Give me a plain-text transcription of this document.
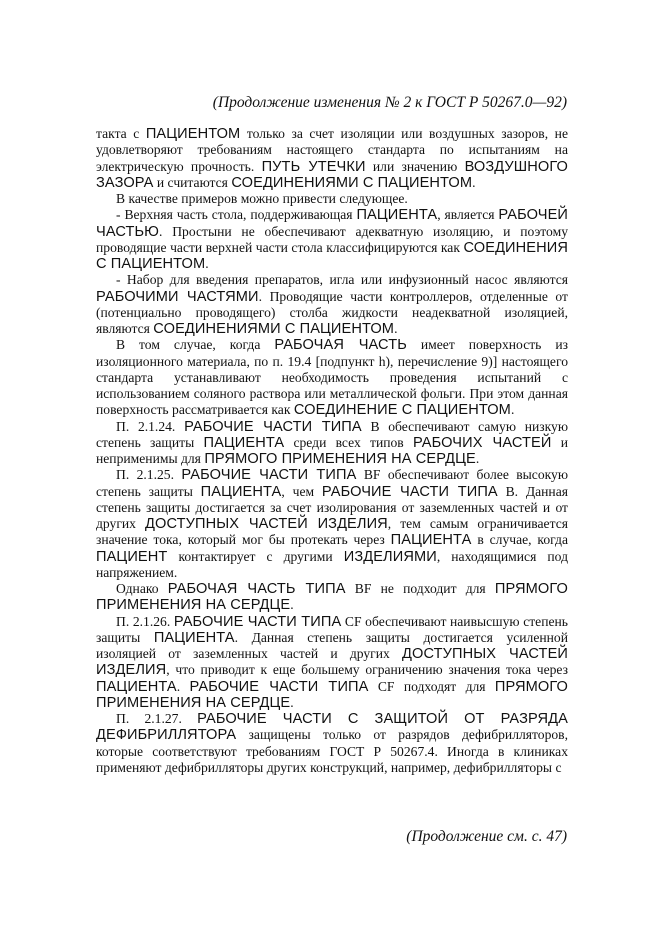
(Продолжение изменения № 2 к ГОСТ Р 50267.0—92)

такта с ПАЦИЕНТОМ только за счет изоляции или воздушных зазоров, не удовлетворяют требованиям настоящего стандарта по испытаниям на электрическую прочность. ПУТЬ УТЕЧКИ или значению ВОЗДУШНОГО ЗАЗОРА и считаются СОЕДИНЕНИЯМИ С ПАЦИЕНТОМ.

В качестве примеров можно привести следующее.

- Верхняя часть стола, поддерживающая ПАЦИЕНТА, является РАБОЧЕЙ ЧАСТЬЮ. Простыни не обеспечивают адекватную изоляцию, и поэтому проводящие части верхней части стола классифицируются как СОЕДИНЕНИЯ С ПАЦИЕНТОМ.

- Набор для введения препаратов, игла или инфузионный насос являются РАБОЧИМИ ЧАСТЯМИ. Проводящие части контроллеров, отделенные от (потенциально проводящего) столба жидкости неадекватной изоляцией, являются СОЕДИНЕНИЯМИ С ПАЦИЕНТОМ.

В том случае, когда РАБОЧАЯ ЧАСТЬ имеет поверхность из изоляционного материала, по п. 19.4 [подпункт h), перечисление 9)] настоящего стандарта устанавливают необходимость проведения испытаний с использованием соляного раствора или металлической фольги. При этом данная поверхность рассматривается как СОЕДИНЕНИЕ С ПАЦИЕНТОМ.

П. 2.1.24. РАБОЧИЕ ЧАСТИ ТИПА В обеспечивают самую низкую степень защиты ПАЦИЕНТА среди всех типов РАБОЧИХ ЧАСТЕЙ и неприменимы для ПРЯМОГО ПРИМЕНЕНИЯ НА СЕРДЦЕ.

П. 2.1.25. РАБОЧИЕ ЧАСТИ ТИПА BF обеспечивают более высокую степень защиты ПАЦИЕНТА, чем РАБОЧИЕ ЧАСТИ ТИПА В. Данная степень защиты достигается за счет изолирования от заземленных частей и от других ДОСТУПНЫХ ЧАСТЕЙ ИЗДЕЛИЯ, тем самым ограничивается значение тока, который мог бы протекать через ПАЦИЕНТА в случае, когда ПАЦИЕНТ контактирует с другими ИЗДЕЛИЯМИ, находящимися под напряжением.

Однако РАБОЧАЯ ЧАСТЬ ТИПА BF не подходит для ПРЯМОГО ПРИМЕНЕНИЯ НА СЕРДЦЕ.

П. 2.1.26. РАБОЧИЕ ЧАСТИ ТИПА CF обеспечивают наивысшую степень защиты ПАЦИЕНТА. Данная степень защиты достигается усиленной изоляцией от заземленных частей и других ДОСТУПНЫХ ЧАСТЕЙ ИЗДЕЛИЯ, что приводит к еще большему ограничению значения тока через ПАЦИЕНТА. РАБОЧИЕ ЧАСТИ ТИПА CF подходят для ПРЯМОГО ПРИМЕНЕНИЯ НА СЕРДЦЕ.

П. 2.1.27. РАБОЧИЕ ЧАСТИ С ЗАЩИТОЙ ОТ РАЗРЯДА ДЕФИБРИЛЛЯТОРА защищены только от разрядов дефибрилляторов, которые соответствуют требованиям ГОСТ Р 50267.4. Иногда в клиниках применяют дефибрилляторы других конструкций, например, дефибрилляторы с

(Продолжение см. с. 47)
